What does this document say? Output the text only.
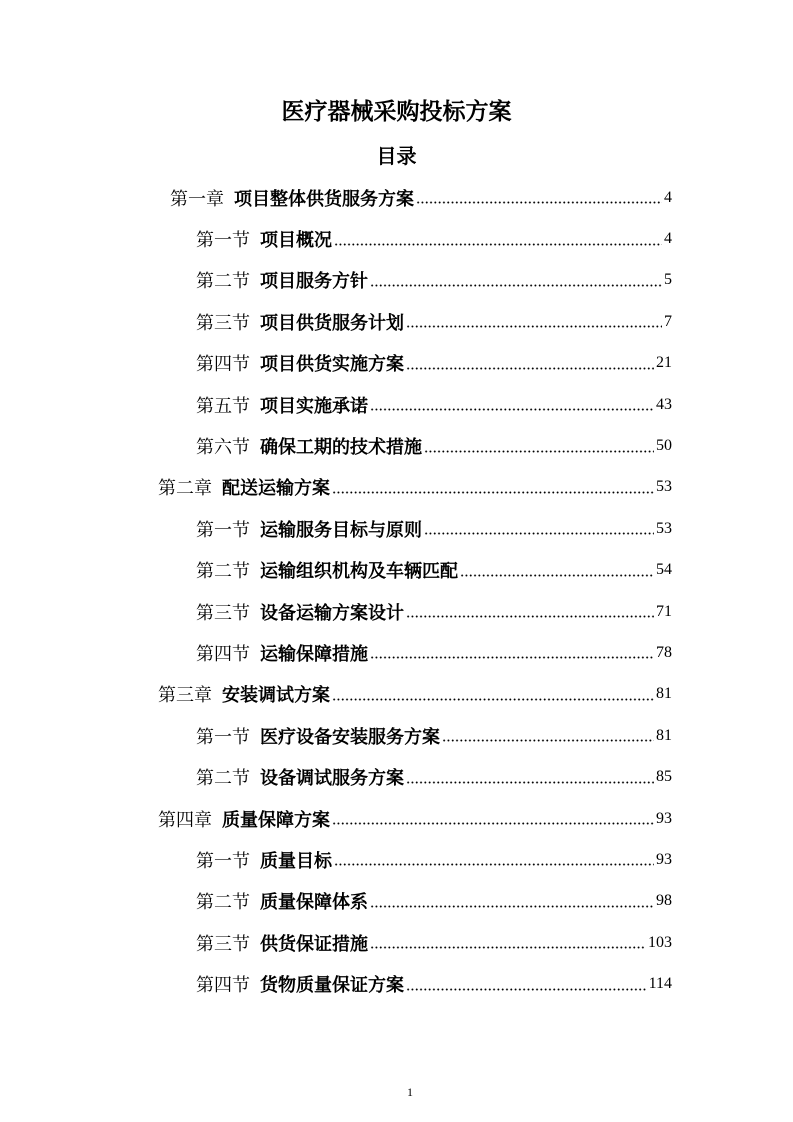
医疗器械采购投标方案
目录
第一章 项目整体供货服务方案	4
第一节 项目概况	4
第二节 项目服务方针	5
第三节 项目供货服务计划	7
第四节 项目供货实施方案	21
第五节 项目实施承诺	43
第六节 确保工期的技术措施	50
第二章 配送运输方案	53
第一节 运输服务目标与原则	53
第二节 运输组织机构及车辆匹配	54
第三节 设备运输方案设计	71
第四节 运输保障措施	78
第三章 安装调试方案	81
第一节 医疗设备安装服务方案	81
第二节 设备调试服务方案	85
第四章 质量保障方案	93
第一节 质量目标	93
第二节 质量保障体系	98
第三节 供货保证措施	103
第四节 货物质量保证方案	114
1
